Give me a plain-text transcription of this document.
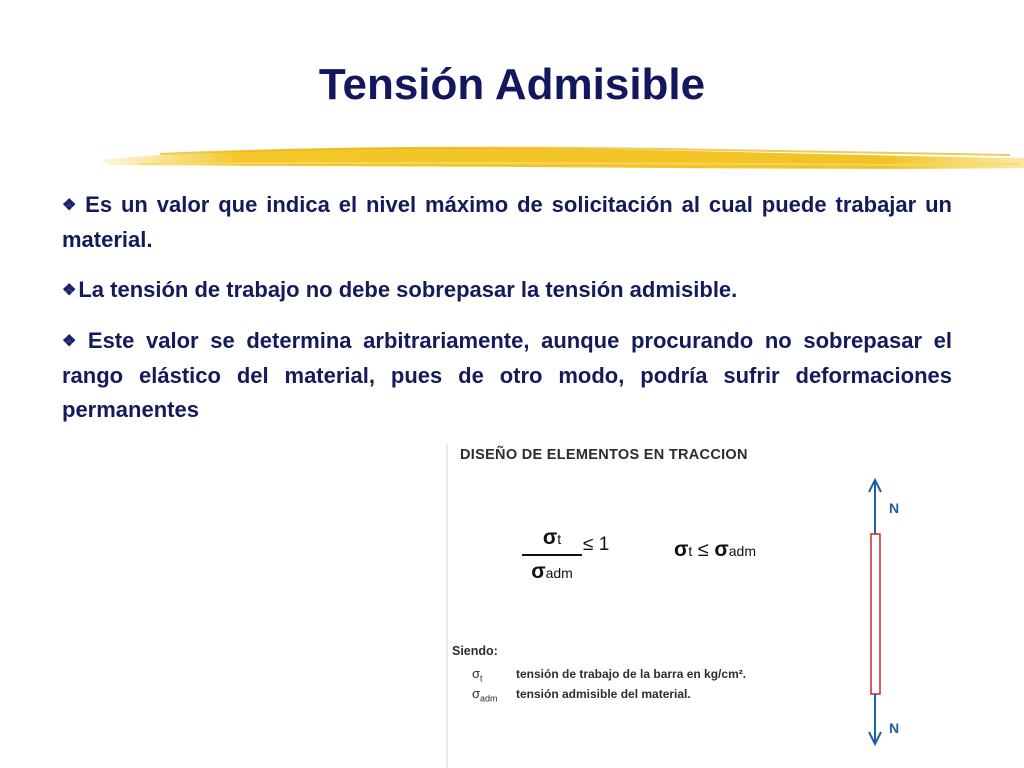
Tensión Admisible
❖ Es un valor que indica el nivel máximo de solicitación al cual puede trabajar un material.
❖La tensión de trabajo no debe sobrepasar la tensión admisible.
❖ Este valor se determina arbitrariamente, aunque procurando no sobrepasar el rango elástico del material, pues de otro modo, podría sufrir deformaciones permanentes
DISEÑO DE ELEMENTOS EN TRACCION
σt
σadm
≤ 1	σt ≤ σadm
Siendo:
$\sigma_t$	tensión de trabajo de la barra en kg/cm².
$\sigma_{adm}$ tensión admisible del material.
N
N
